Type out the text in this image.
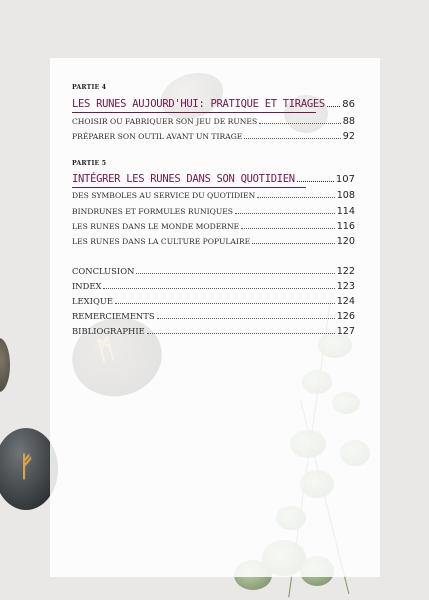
ᚠ
PARTIE 4
LES RUNES AUJOURD'HUI: PRATIQUE ET TIRAGES 86
CHOISIR OU FABRIQUER SON JEU DE RUNES	88
PRÉPARER SON OUTIL AVANT UN TIRAGE	92
PARTIE 5
INTÉGRER LES RUNES DANS SON QUOTIDIEN	107
DES SYMBOLES AU SERVICE DU QUOTIDIEN	108
BINDRUNES ET FORMULES RUNIQUES	114
LES RUNES DANS LE MONDE MODERNE	116
LES RUNES DANS LA CULTURE POPULAIRE	120
CONCLUSION	122
INDEX	123
LEXIQUE	124
REMERCIEMENTS	126
BIBLIOGRAPHIE	127
